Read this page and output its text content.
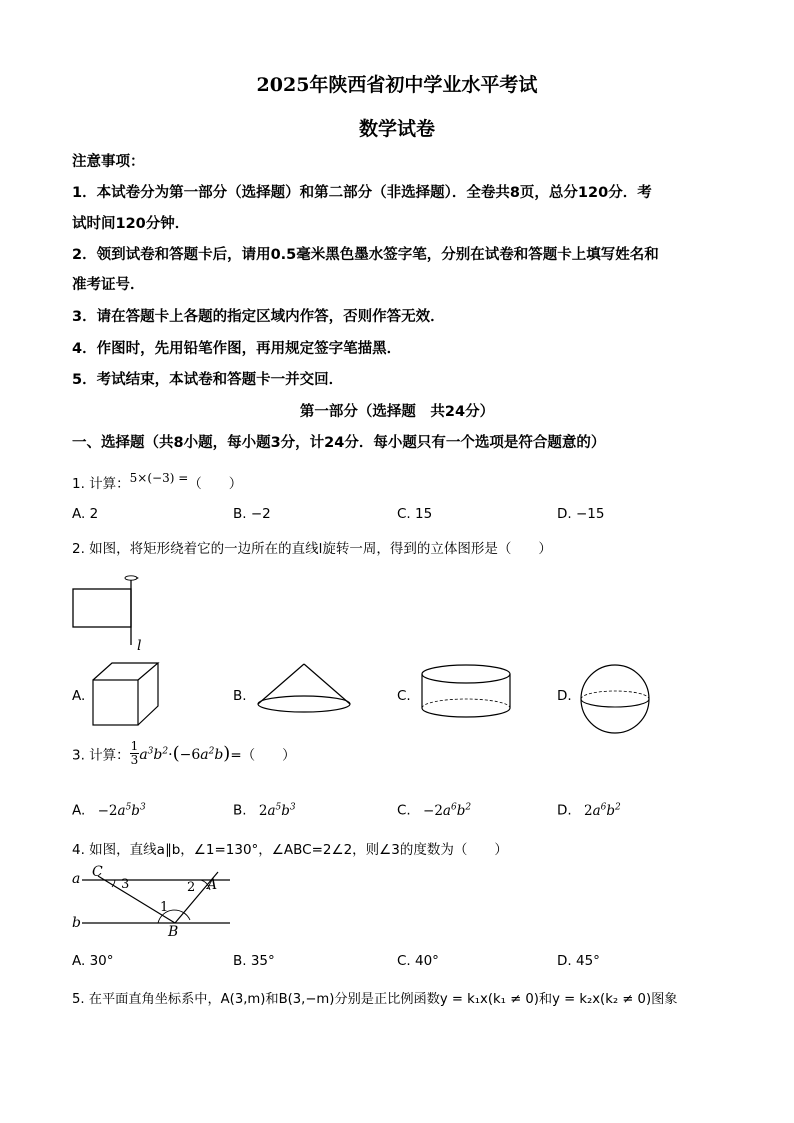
2025年陕西省初中学业水平考试
数学试卷
注意事项：
1．本试卷分为第一部分（选择题）和第二部分（非选择题）．全卷共8页，总分120分．考
试时间120分钟．
2．领到试卷和答题卡后，请用0.5毫米黑色墨水签字笔，分别在试卷和答题卡上填写姓名和
准考证号．
3．请在答题卡上各题的指定区域内作答，否则作答无效．
4．作图时，先用铅笔作图，再用规定签字笔描黑．
5．考试结束，本试卷和答题卡一并交回．
第一部分（选择题　共24分）
一、选择题（共8小题，每小题3分，计24分．每小题只有一个选项是符合题意的）
1. 计算：5×(−3) =（　　）
A. 2	B. −2	C. 15	D. −15
2. 如图，将矩形绕着它的一边所在的直线l旋转一周，得到的立体图形是（　　）
l
A.	B.	C.	D.
3. 计算： $\frac{1}{3} a^3b^2\cdot(-6a^2b)=$（　　）
A. $-2a^5b^3$	B. $2a^5b^3$	C. $-2a^6b^2$	D. $2a^6b^2$
4. 如图，直线a∥b，∠1=130°，∠ABC=2∠2，则∠3的度数为（　　）
a
b
C
A
B
1
2
3
A. 30°	B. 35°	C. 40°	D. 45°
5. 在平面直角坐标系中，A(3,m)和B(3,−m)分别是正比例函数y = k₁x(k₁ ≠ 0)和y = k₂x(k₂ ≠ 0)图象
